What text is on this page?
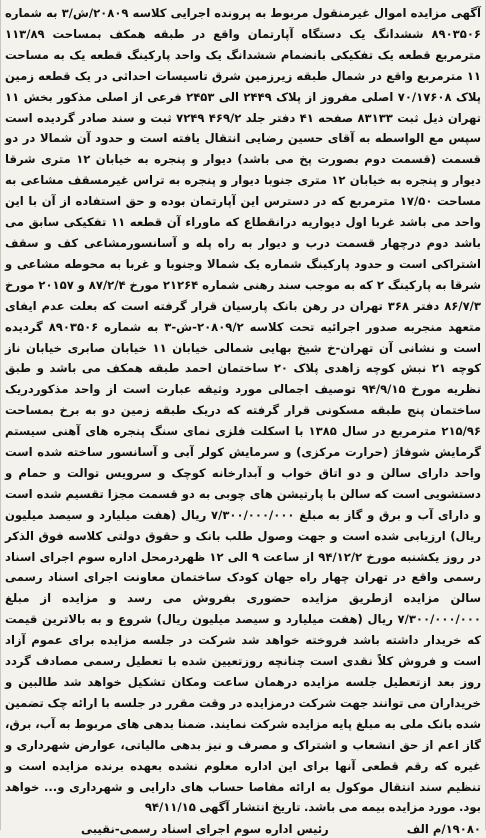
آگهی مزایده اموال غیرمنقول مربوط به پرونده اجرایی کلاسه ۲۰۸۰۹/ش/۳ به شماره ۸۹۰۳۵۰۶ ششدانگ یک دستگاه آپارتمان واقع در طبقه همکف بمساحت ۱۱۳/۸۹ مترمربع قطعه یک تفکیکی بانضمام ششدانگ یک واحد پارکینگ قطعه یک به مساحت ۱۱ مترمربع واقع در شمال طبقه زیرزمین شرق تاسیسات احداثی در یک قطعه زمین پلاک ۷۰/۱۷۶۰۸ اصلی مفروز از پلاک ۲۴۴۹ الی ۲۴۵۳ فرعی از اصلی مذکور بخش ۱۱ تهران ذیل ثبت ۸۳۱۳۳ صفحه ۴۱ دفتر جلد ۴۶۹/۲ ۷۲۴۹ ثبت و سند صادر گردیده است سپس مع الواسطه به آقای حسین رضایی انتقال یافته است و حدود آن شمالا در دو قسمت (قسمت دوم بصورت پخ می باشد) دیوار و پنجره به خیابان ۱۲ متری شرقا دیوار و پنجره به خیابان ۱۲ متری جنوبا دیوار و پنجره به تراس غیرمسقف مشاعی به مساحت ۱۷/۵۰ مترمربع که در دسترس این آپارتمان بوده و حق استفاده از آن با این واحد می باشد غربا اول دیواریه درانقطاع که ماوراء آن قطعه ۱۱ تفکیکی سابق می باشد دوم درچهار قسمت درب و دیوار به راه پله و آسانسورمشاعی کف و سقف اشتراکی است و حدود پارکینگ شماره یک شمالا وجنوبا و غربا به محوطه مشاعی و شرقا به پارکینگ ۲ که به موجب سند رهنی شماره ۲۱۲۶۴ مورخ ۸۷/۲/۴ و ۲۰۱۵۷ مورخ ۸۶/۷/۳ دفتر ۳۶۸ تهران در رهن بانک پارسیان قرار گرفته است که بعلت عدم ایفای متعهد منجربه صدور اجرائیه تحت کلاسه ۲۰۸۰۹/۲-ش-۳ به شماره ۸۹۰۳۵۰۶ گردیده است و نشانی آن تهران-خ شیخ بهایی شمالی خیابان ۱۱ خیابان صابری خیابان ناز کوچه ۲۱ نبش کوچه زاهدی پلاک ۲۰ ساختمان احمد طبقه همکف می باشد و طبق نظریه مورخ ۹۴/۹/۱۵ توصیف اجمالی مورد وثیقه عبارت است از واحد مذکوردریک ساختمان پنج طبقه مسکونی قرار گرفته که دریک طبقه زمین دو به برخ بمساحت ۲۱۵/۹۶ مترمربع در سال ۱۳۸۵ با اسکلت فلزی نمای سنگ پنجره های آهنی سیستم گرمایش شوفاژ (حرارت مرکزی) و سرمایش کولر آبی و آسانسور ساخته شده است واحد دارای سالن و دو اتاق خواب و آبدارخانه کوچک و سرویس توالت و حمام و دستشویی است که سالن با پارتیشن های چوبی به دو قسمت مجزا تقسیم شده است و دارای آب و برق و گاز به مبلغ ۷/۳۰۰/۰۰۰/۰۰۰ ریال (هفت میلیارد و سیصد میلیون ریال) ارزیابی شده است و جهت وصول طلب بانک و حقوق دولتی کلاسه فوق الذکر در روز یکشنبه مورخ ۹۴/۱۲/۲ از ساعت ۹ الی ۱۲ ظهردرمحل اداره سوم اجرای اسناد رسمی واقع در تهران چهار راه جهان کودک ساختمان معاونت اجرای اسناد رسمی سالن مزایده ازطریق مزایده حضوری بفروش می رسد و مزایده از مبلغ ۷/۳۰۰/۰۰۰/۰۰۰ ریال (هفت میلیارد و سیصد میلیون ریال) شروع و به بالاترین قیمت که خریدار داشته باشد فروخته خواهد شد شرکت در جلسه مزایده برای عموم آزاد است و فروش کلاً نقدی است چنانچه روزتعیین شده با تعطیل رسمی مصادف گردد روز بعد ازتعطیل جلسه مزایده درهمان ساعت ومکان تشکیل خواهد شد طالبین و خریداران می توانند جهت شرکت درمزایده در وقت مقرر در جلسه با ارائه چک تضمین شده بانک ملی به مبلغ پایه مزایده شرکت نمایند. ضمنا بدهی های مربوط به آب، برق، گاز اعم از حق انشعاب و اشتراک و مصرف و نیز بدهی مالیاتی، عوارض شهرداری و غیره که رقم قطعی آنها برای این اداره معلوم نشده بعهده برنده مزایده است و تنظیم سند انتقال موکول به ارائه مفاصا حساب های دارایی و شهرداری و... خواهد بود. مورد مزایده بیمه می باشد. تاریخ انتشار آگهی ۹۴/۱۱/۱۵

۱۹۰۸۰/م الف
رئیس اداره سوم اجرای اسناد رسمی-نقیبی
